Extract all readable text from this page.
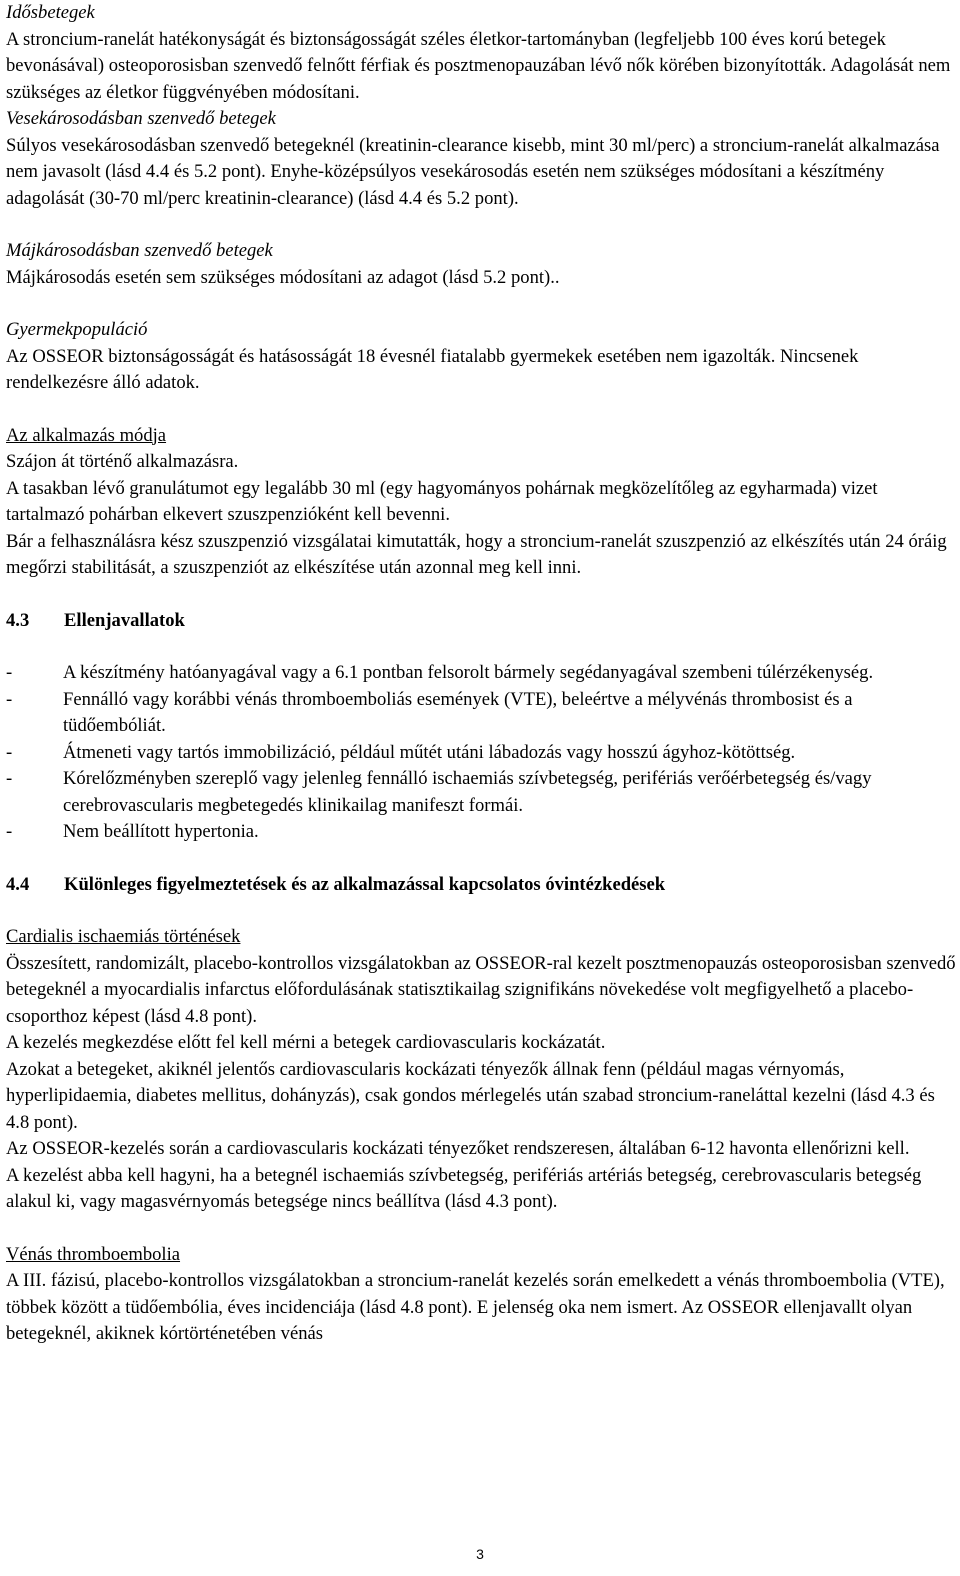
Idősbetegek

A stroncium-ranelát hatékonyságát és biztonságosságát széles életkor-tartományban (legfeljebb 100 éves korú betegek bevonásával) osteoporosisban szenvedő felnőtt férfiak és posztmenopauzában lévő nők körében bizonyították. Adagolását nem szükséges az életkor függvényében módosítani.

Vesekárosodásban szenvedő betegek

Súlyos vesekárosodásban szenvedő betegeknél (kreatinin-clearance kisebb, mint 30 ml/perc) a stroncium-ranelát alkalmazása nem javasolt (lásd 4.4 és 5.2 pont). Enyhe-középsúlyos vesekárosodás esetén nem szükséges módosítani a készítmény adagolását (30-70 ml/perc kreatinin-clearance) (lásd 4.4 és 5.2 pont).

Májkárosodásban szenvedő betegek

Májkárosodás esetén sem szükséges módosítani az adagot (lásd 5.2 pont)..

Gyermekpopuláció

Az OSSEOR biztonságosságát és hatásosságát 18 évesnél fiatalabb gyermekek esetében nem igazolták. Nincsenek rendelkezésre álló adatok.

Az alkalmazás módja

Szájon át történő alkalmazásra.

A tasakban lévő granulátumot egy legalább 30 ml (egy hagyományos pohárnak megközelítőleg az egyharmada) vizet tartalmazó pohárban elkevert szuszpenzióként kell bevenni.

Bár a felhasználásra kész szuszpenzió vizsgálatai kimutatták, hogy a stroncium-ranelát szuszpenzió az elkészítés után 24 óráig megőrzi stabilitását, a szuszpenziót az elkészítése után azonnal meg kell inni.

4.3 Ellenjavallatok

-	A készítmény hatóanyagával vagy a 6.1 pontban felsorolt bármely segédanyagával szembeni túlérzékenység.
-	Fennálló vagy korábbi vénás thromboemboliás események (VTE), beleértve a mélyvénás thrombosist és a tüdőembóliát.
-	Átmeneti vagy tartós immobilizáció, például műtét utáni lábadozás vagy hosszú ágyhoz-kötöttség.
-	Kórelőzményben szereplő vagy jelenleg fennálló ischaemiás szívbetegség, perifériás verőérbetegség és/vagy cerebrovascularis megbetegedés klinikailag manifeszt formái.
-	Nem beállított hypertonia.

4.4 Különleges figyelmeztetések és az alkalmazással kapcsolatos óvintézkedések

Cardialis ischaemiás történések

Összesített, randomizált, placebo-kontrollos vizsgálatokban az OSSEOR-ral kezelt posztmenopauzás osteoporosisban szenvedő betegeknél a myocardialis infarctus előfordulásának statisztikailag szignifikáns növekedése volt megfigyelhető a placebo-csoporthoz képest (lásd 4.8 pont).

A kezelés megkezdése előtt fel kell mérni a betegek cardiovascularis kockázatát.

Azokat a betegeket, akiknél jelentős cardiovascularis kockázati tényezők állnak fenn (például magas vérnyomás, hyperlipidaemia, diabetes mellitus, dohányzás), csak gondos mérlegelés után szabad stroncium-raneláttal kezelni (lásd 4.3 és 4.8 pont).

Az OSSEOR-kezelés során a cardiovascularis kockázati tényezőket rendszeresen, általában 6-12 havonta ellenőrizni kell.

A kezelést abba kell hagyni, ha a betegnél ischaemiás szívbetegség, perifériás artériás betegség, cerebrovascularis betegség alakul ki, vagy magasvérnyomás betegsége nincs beállítva (lásd 4.3 pont).

Vénás thromboembolia

A III. fázisú, placebo-kontrollos vizsgálatokban a stroncium-ranelát kezelés során emelkedett a vénás thromboembolia (VTE), többek között a tüdőembólia, éves incidenciája (lásd 4.8 pont). E jelenség oka nem ismert. Az OSSEOR ellenjavallt olyan betegeknél, akiknek kórtörténetében vénás

3
